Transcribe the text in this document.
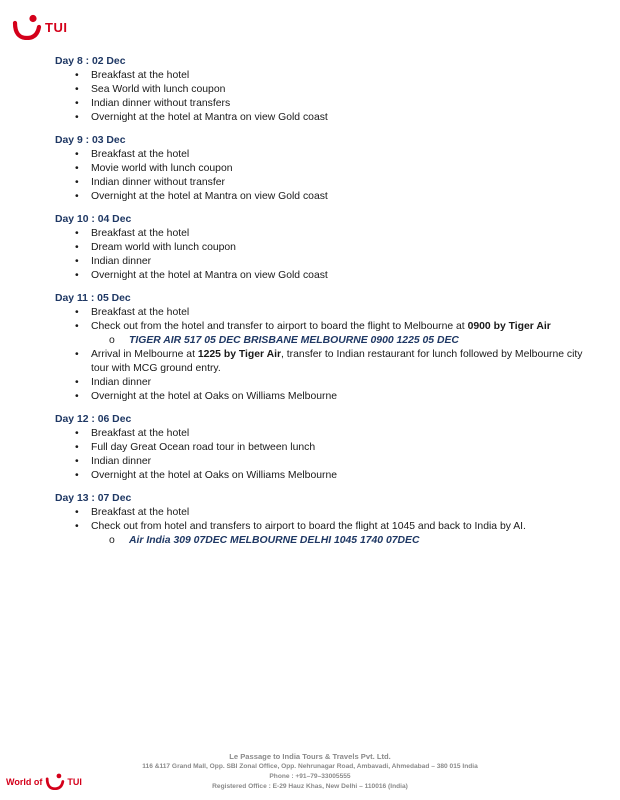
TUI
Day 8 : 02 Dec
• Breakfast at the hotel
• Sea World with lunch coupon
• Indian dinner without transfers
• Overnight at the hotel at Mantra on view Gold coast
Day 9 : 03 Dec
• Breakfast at the hotel
• Movie world with lunch coupon
• Indian dinner without transfer
• Overnight at the hotel at Mantra on view Gold coast
Day 10 : 04 Dec
• Breakfast at the hotel
• Dream world with lunch coupon
• Indian dinner
• Overnight at the hotel at Mantra on view Gold coast
Day 11 : 05 Dec
• Breakfast at the hotel
• Check out from the hotel and transfer to airport to board the flight to Melbourne at 0900 by Tiger Air
o TIGER AIR 517 05 DEC BRISBANE MELBOURNE 0900 1225 05 DEC
• Arrival in Melbourne at 1225 by Tiger Air, transfer to Indian restaurant for lunch followed by Melbourne city tour with MCG ground entry.
• Indian dinner
• Overnight at the hotel at Oaks on Williams Melbourne
Day 12 : 06 Dec
• Breakfast at the hotel
• Full day Great Ocean road tour in between lunch
• Indian dinner
• Overnight at the hotel at Oaks on Williams Melbourne
Day 13 : 07 Dec
• Breakfast at the hotel
• Check out from hotel and transfers to airport to board the flight at 1045 and back to India by AI.
o Air India 309 07DEC MELBOURNE DELHI 1045 1740 07DEC
Le Passage to India Tours & Travels Pvt. Ltd.
116 &117 Grand Mall, Opp. SBI Zonal Office, Opp. Nehrunagar Road, Ambavadi, Ahmedabad – 380 015 India
Phone : +91–79–33005555
Registered Office : E-29 Hauz Khas, New Delhi – 110016 (India)
World of	TUI
